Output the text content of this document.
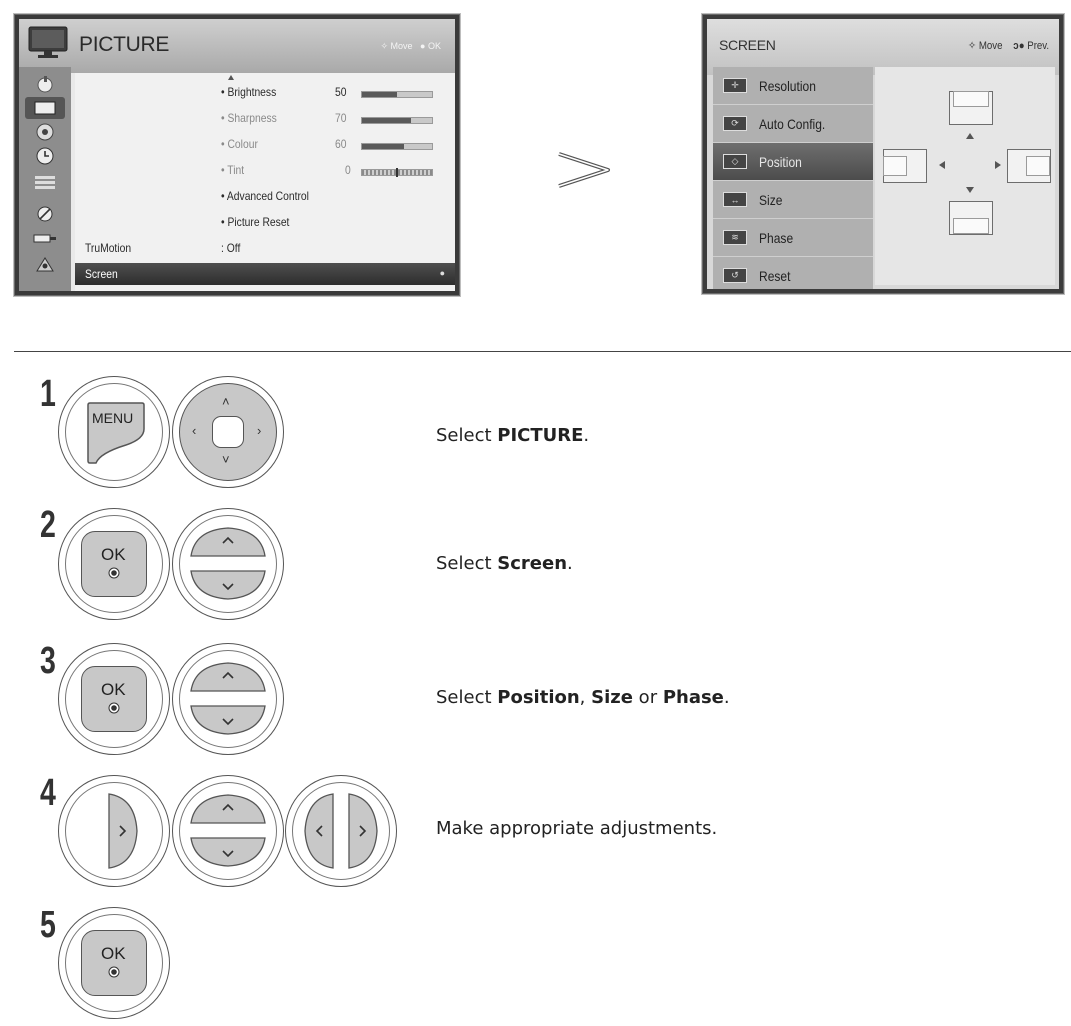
PICTURE	✧ Move ● OK
• Brightness	50
• Sharpness	70
• Colour	60
• Tint	0
• Advanced Control
• Picture Reset
TruMotion	: Off
Screen	●
SCREEN	✧ Move ↄ● Prev.
✛	Resolution
⟳	Auto Config.
◇	Position
↔	Size
≋	Phase
↺	Reset
1
MENU
˄
˅
‹	›	Select PICTURE.
2
OK	Select Screen.
3
OK	Select Position, Size or Phase.
4
Make appropriate adjustments.
5
OK
